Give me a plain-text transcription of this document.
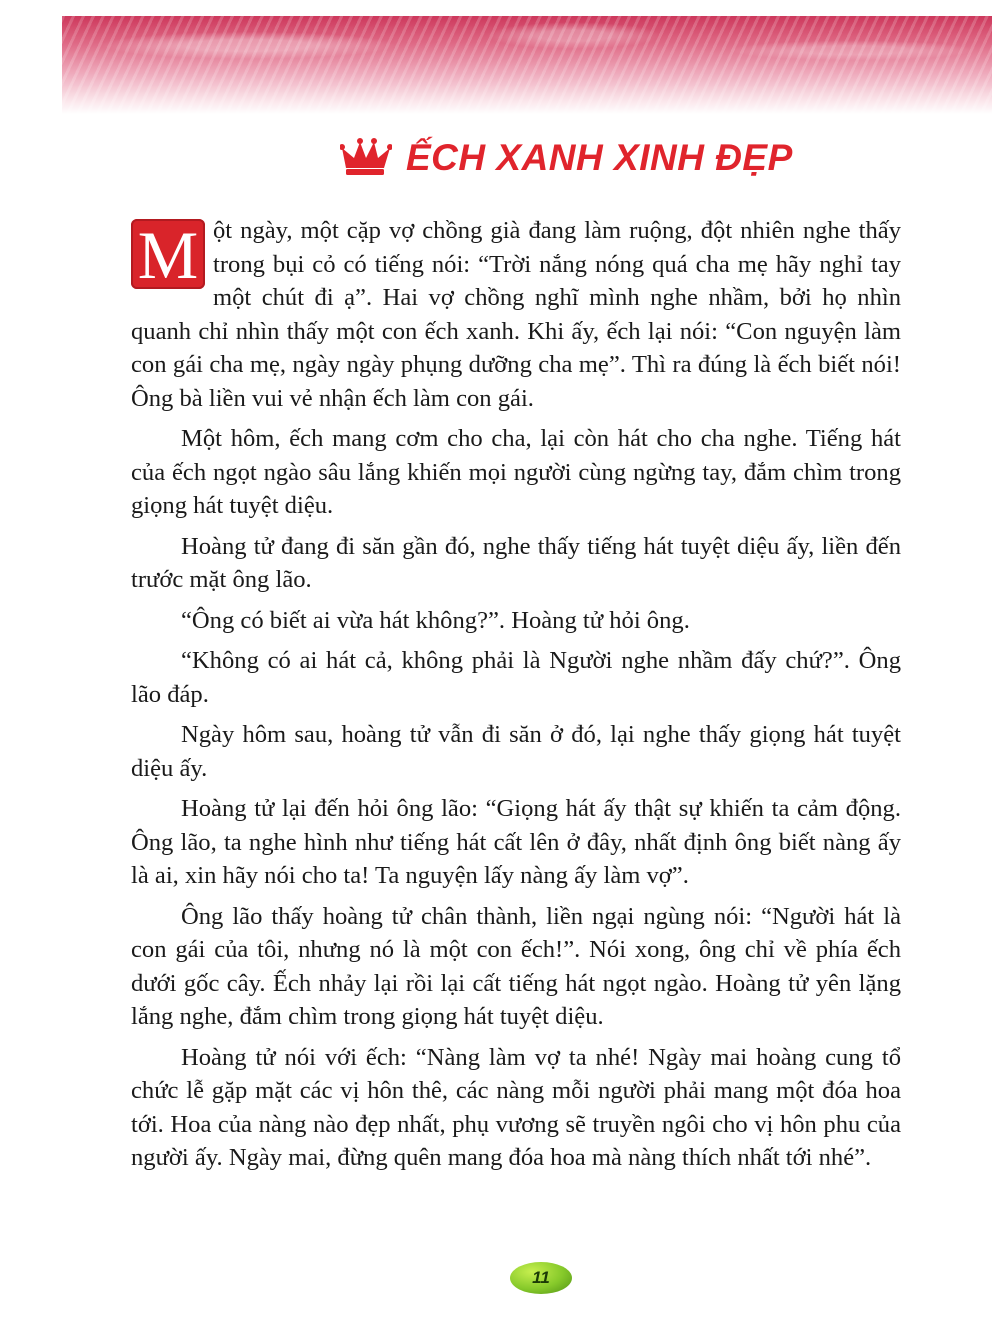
ẾCH XANH XINH ĐẸP

M ột ngày, một cặp vợ chồng già đang làm ruộng, đột nhiên nghe thấy trong bụi cỏ có tiếng nói: “Trời nắng nóng quá cha mẹ hãy nghỉ tay một chút đi ạ”. Hai vợ chồng nghĩ mình nghe nhầm, bởi họ nhìn quanh chỉ nhìn thấy một con ếch xanh. Khi ấy, ếch lại nói: “Con nguyện làm con gái cha mẹ, ngày ngày phụng dưỡng cha mẹ”. Thì ra đúng là ếch biết nói! Ông bà liền vui vẻ nhận ếch làm con gái.

Một hôm, ếch mang cơm cho cha, lại còn hát cho cha nghe. Tiếng hát của ếch ngọt ngào sâu lắng khiến mọi người cùng ngừng tay, đắm chìm trong giọng hát tuyệt diệu.

Hoàng tử đang đi săn gần đó, nghe thấy tiếng hát tuyệt diệu ấy, liền đến trước mặt ông lão.

“Ông có biết ai vừa hát không?”. Hoàng tử hỏi ông.

“Không có ai hát cả, không phải là Người nghe nhầm đấy chứ?”. Ông lão đáp.

Ngày hôm sau, hoàng tử vẫn đi săn ở đó, lại nghe thấy giọng hát tuyệt diệu ấy.

Hoàng tử lại đến hỏi ông lão: “Giọng hát ấy thật sự khiến ta cảm động. Ông lão, ta nghe hình như tiếng hát cất lên ở đây, nhất định ông biết nàng ấy là ai, xin hãy nói cho ta! Ta nguyện lấy nàng ấy làm vợ”.

Ông lão thấy hoàng tử chân thành, liền ngại ngùng nói: “Người hát là con gái của tôi, nhưng nó là một con ếch!”. Nói xong, ông chỉ về phía ếch dưới gốc cây. Ếch nhảy lại rồi lại cất tiếng hát ngọt ngào. Hoàng tử yên lặng lắng nghe, đắm chìm trong giọng hát tuyệt diệu.

Hoàng tử nói với ếch: “Nàng làm vợ ta nhé! Ngày mai hoàng cung tổ chức lễ gặp mặt các vị hôn thê, các nàng mỗi người phải mang một đóa hoa tới. Hoa của nàng nào đẹp nhất, phụ vương sẽ truyền ngôi cho vị hôn phu của người ấy. Ngày mai, đừng quên mang đóa hoa mà nàng thích nhất tới nhé”.

11
